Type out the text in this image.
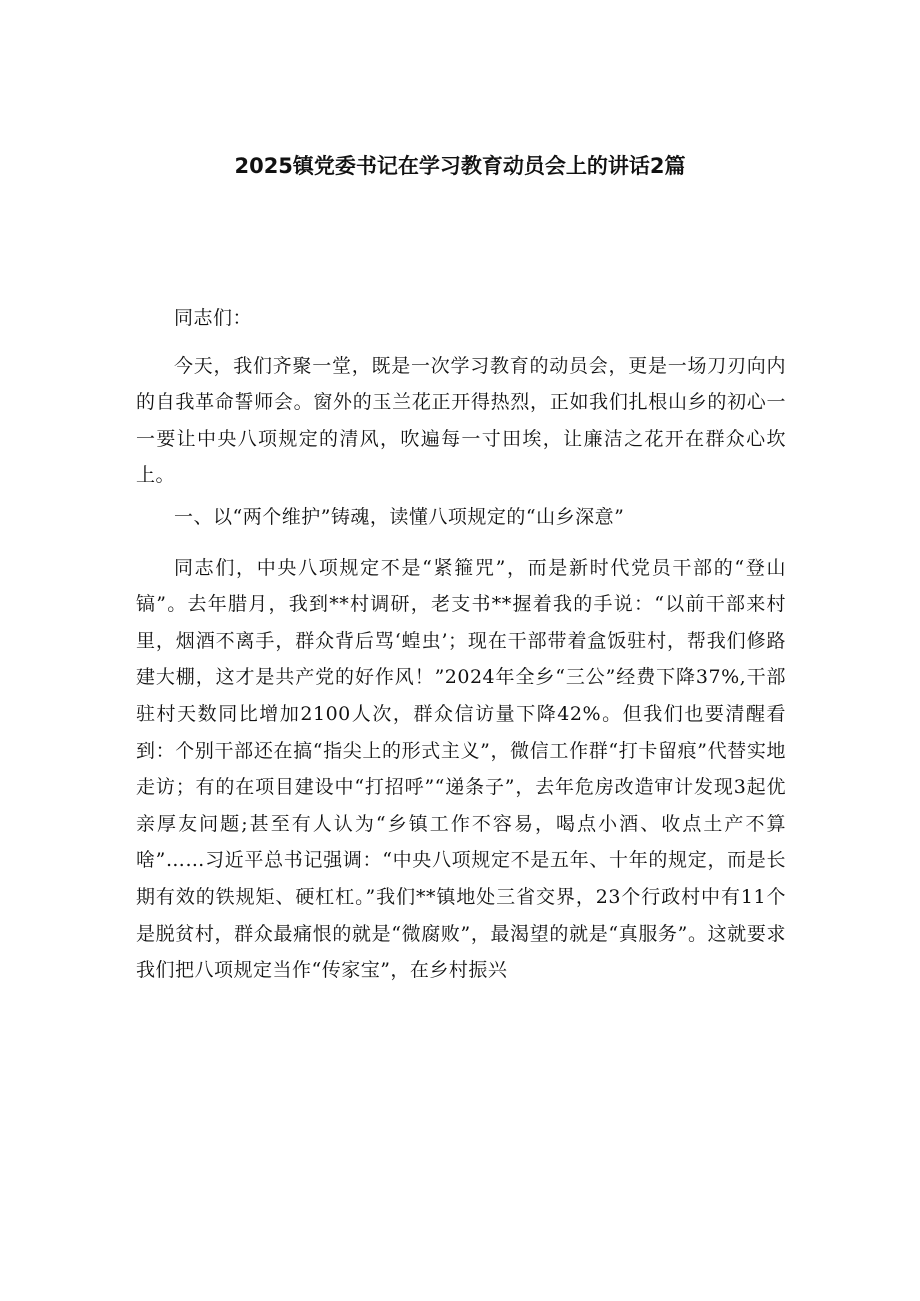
2025镇党委书记在学习教育动员会上的讲话2篇

同志们：

今天，我们齐聚一堂，既是一次学习教育的动员会，更是一场刀刃向内的自我革命誓师会。窗外的玉兰花正开得热烈，正如我们扎根山乡的初心一一要让中央八项规定的清风，吹遍每一寸田埃，让廉洁之花开在群众心坎上。

一、以“两个维护”铸魂，读懂八项规定的“山乡深意”

同志们，中央八项规定不是“紧箍咒”，而是新时代党员干部的“登山镐”。去年腊月，我到**村调研，老支书**握着我的手说：“以前干部来村里，烟酒不离手，群众背后骂‘蝗虫’；现在干部带着盒饭驻村，帮我们修路建大棚，这才是共产党的好作风！”2024年全乡“三公”经费下降37%,干部驻村天数同比增加2100人次，群众信访量下降42%。但我们也要清醒看到：个别干部还在搞“指尖上的形式主义”，微信工作群“打卡留痕”代替实地走访；有的在项目建设中“打招呼”“递条子”，去年危房改造审计发现3起优亲厚友问题;甚至有人认为“乡镇工作不容易，喝点小酒、收点土产不算啥”……习近平总书记强调：“中央八项规定不是五年、十年的规定，而是长期有效的铁规矩、硬杠杠。”我们**镇地处三省交界，23个行政村中有11个是脱贫村，群众最痛恨的就是“微腐败”，最渴望的就是“真服务”。这就要求我们把八项规定当作“传家宝”，在乡村振兴
